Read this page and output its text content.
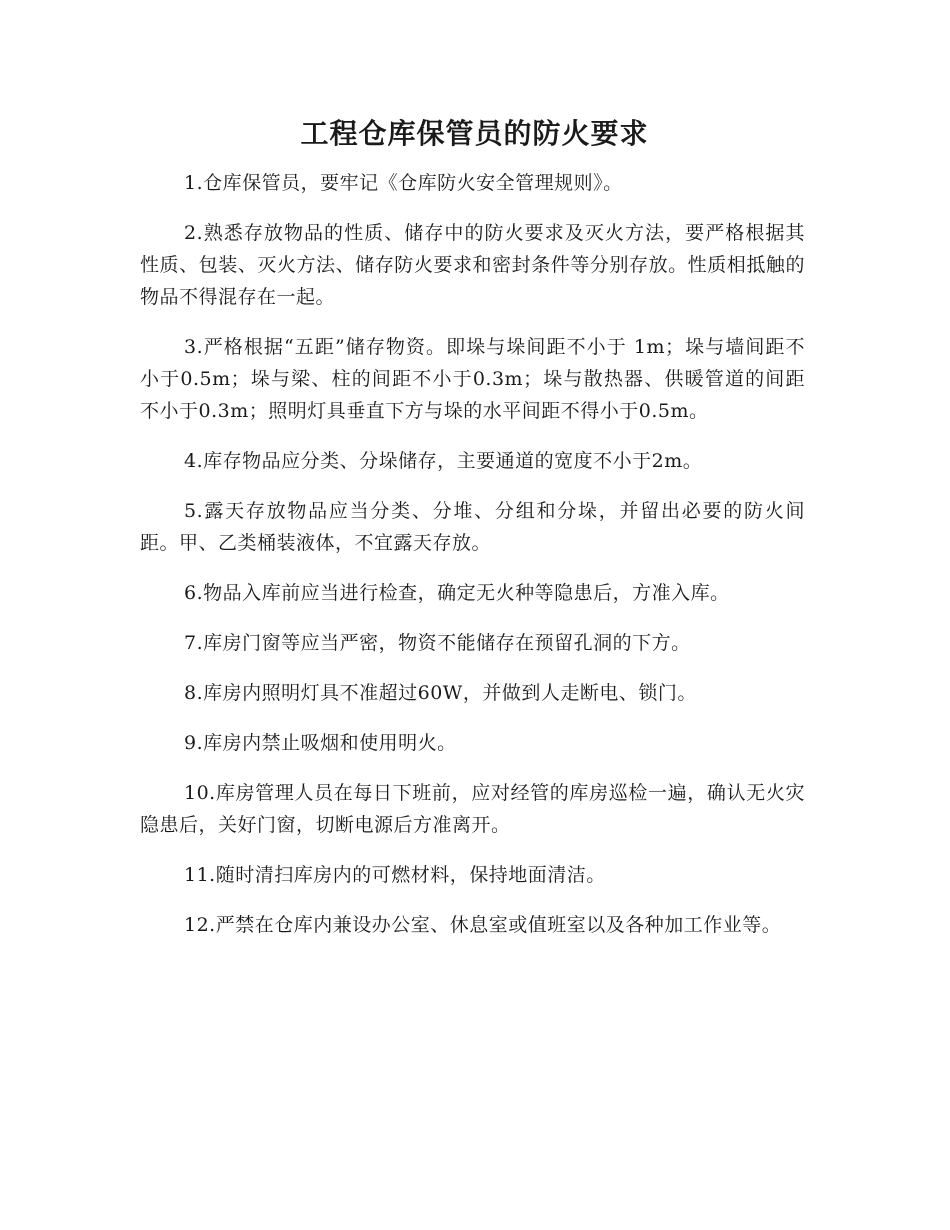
工程仓库保管员的防火要求

1.仓库保管员，要牢记《仓库防火安全管理规则》。

2.熟悉存放物品的性质、储存中的防火要求及灭火方法，要严格根据其性质、包装、灭火方法、储存防火要求和密封条件等分别存放。性质相抵触的物品不得混存在一起。

3.严格根据“五距”储存物资。即垛与垛间距不小于 1m；垛与墙间距不小于0.5m；垛与梁、柱的间距不小于0.3m；垛与散热器、供暖管道的间距不小于0.3m；照明灯具垂直下方与垛的水平间距不得小于0.5m。

4.库存物品应分类、分垛储存，主要通道的宽度不小于2m。

5.露天存放物品应当分类、分堆、分组和分垛，并留出必要的防火间距。甲、乙类桶装液体，不宜露天存放。

6.物品入库前应当进行检查，确定无火种等隐患后，方准入库。

7.库房门窗等应当严密，物资不能储存在预留孔洞的下方。

8.库房内照明灯具不准超过60W，并做到人走断电、锁门。

9.库房内禁止吸烟和使用明火。

10.库房管理人员在每日下班前，应对经管的库房巡检一遍，确认无火灾隐患后，关好门窗，切断电源后方准离开。

11.随时清扫库房内的可燃材料，保持地面清洁。

12.严禁在仓库内兼设办公室、休息室或值班室以及各种加工作业等。
